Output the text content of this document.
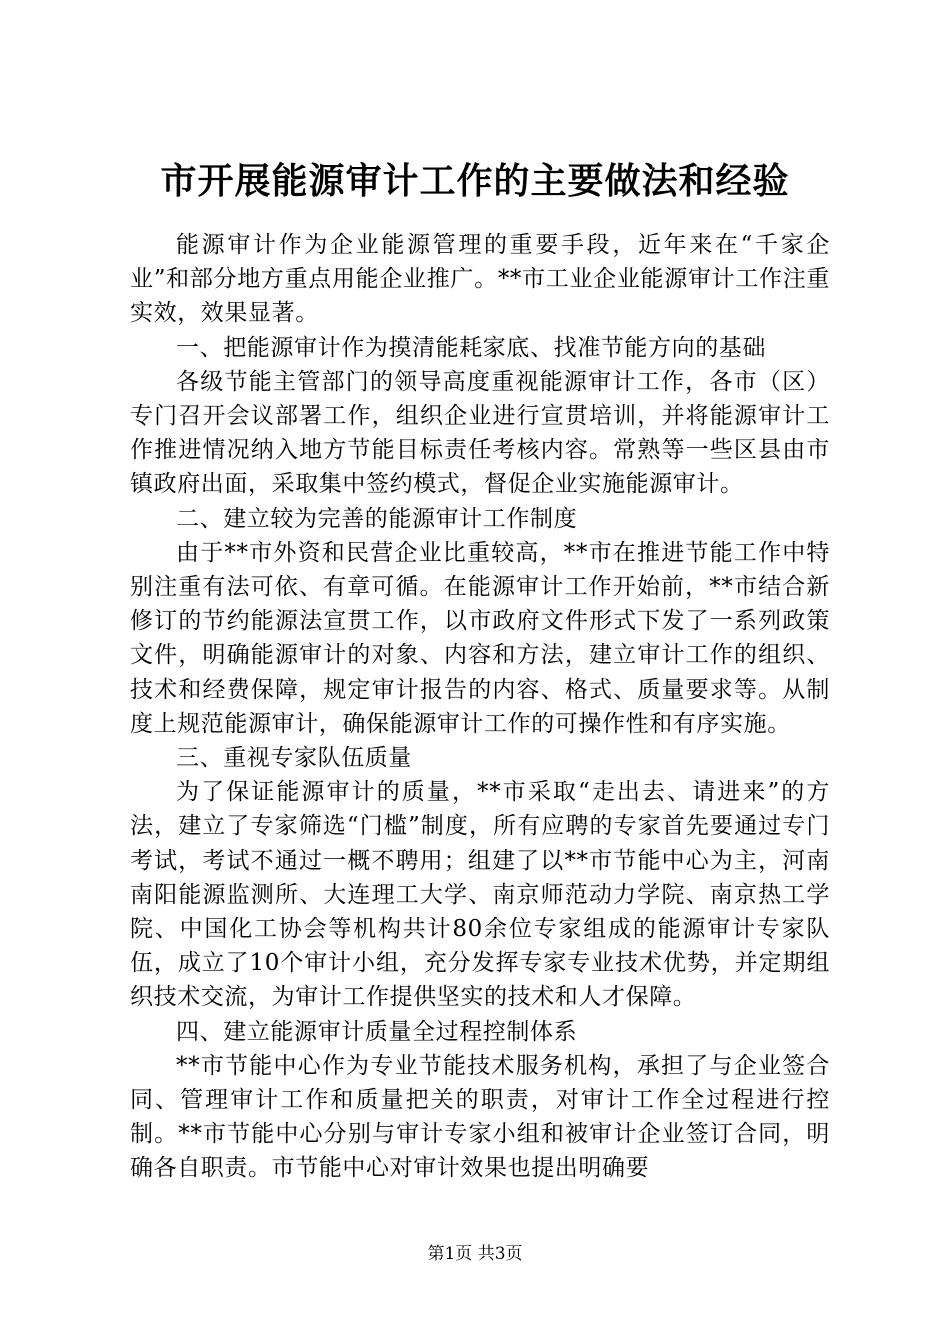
市开展能源审计工作的主要做法和经验

能源审计作为企业能源管理的重要手段，近年来在“千家企业”和部分地方重点用能企业推广。**市工业企业能源审计工作注重实效，效果显著。

一、把能源审计作为摸清能耗家底、找准节能方向的基础

各级节能主管部门的领导高度重视能源审计工作，各市（区）专门召开会议部署工作，组织企业进行宣贯培训，并将能源审计工作推进情况纳入地方节能目标责任考核内容。常熟等一些区县由市镇政府出面，采取集中签约模式，督促企业实施能源审计。

二、建立较为完善的能源审计工作制度

由于**市外资和民营企业比重较高，**市在推进节能工作中特别注重有法可依、有章可循。在能源审计工作开始前，**市结合新修订的节约能源法宣贯工作，以市政府文件形式下发了一系列政策文件，明确能源审计的对象、内容和方法，建立审计工作的组织、技术和经费保障，规定审计报告的内容、格式、质量要求等。从制度上规范能源审计，确保能源审计工作的可操作性和有序实施。

三、重视专家队伍质量

为了保证能源审计的质量，**市采取“走出去、请进来”的方法，建立了专家筛选“门槛”制度，所有应聘的专家首先要通过专门考试，考试不通过一概不聘用；组建了以**市节能中心为主，河南南阳能源监测所、大连理工大学、南京师范动力学院、南京热工学院、中国化工协会等机构共计80余位专家组成的能源审计专家队伍，成立了10个审计小组，充分发挥专家专业技术优势，并定期组织技术交流，为审计工作提供坚实的技术和人才保障。

四、建立能源审计质量全过程控制体系

**市节能中心作为专业节能技术服务机构，承担了与企业签合同、管理审计工作和质量把关的职责，对审计工作全过程进行控制。**市节能中心分别与审计专家小组和被审计企业签订合同，明确各自职责。市节能中心对审计效果也提出明确要

第1页 共3页
